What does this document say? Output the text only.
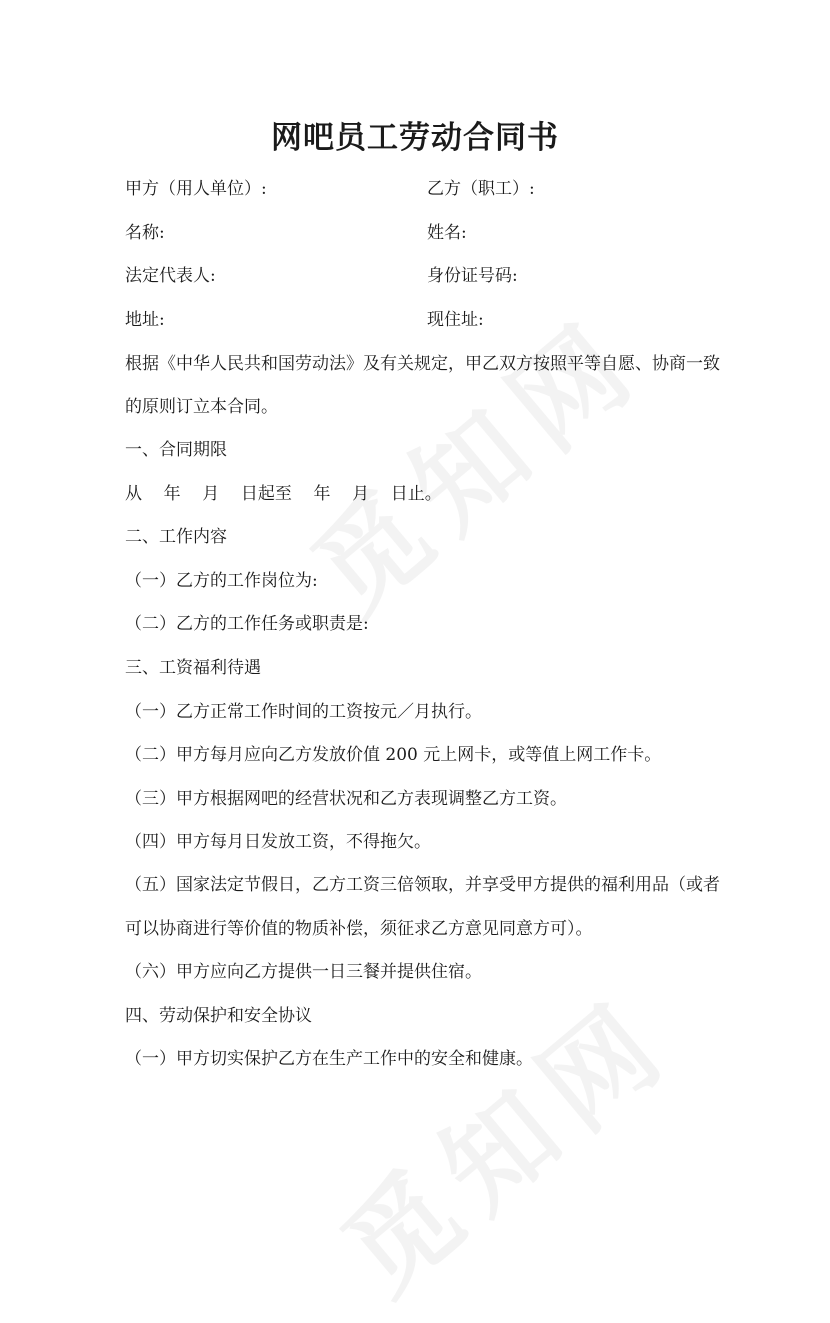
网吧员工劳动合同书
甲方（用人单位）:	乙方（职工）:
名称:	姓名:
法定代表人:	身份证号码:
地址:	现住址:
根据《中华人民共和国劳动法》及有关规定，甲乙双方按照平等自愿、协商一致
的原则订立本合同。
一、合同期限
从    年    月    日起至    年    月    日止。
二、工作内容
（一）乙方的工作岗位为:
（二）乙方的工作任务或职责是:
三、工资福利待遇
（一）乙方正常工作时间的工资按元／月执行。
（二）甲方每月应向乙方发放价值 200 元上网卡，或等值上网工作卡。
（三）甲方根据网吧的经营状况和乙方表现调整乙方工资。
（四）甲方每月日发放工资，不得拖欠。
（五）国家法定节假日，乙方工资三倍领取，并享受甲方提供的福利用品（或者
可以协商进行等价值的物质补偿，须征求乙方意见同意方可）。
（六）甲方应向乙方提供一日三餐并提供住宿。
四、劳动保护和安全协议
（一）甲方切实保护乙方在生产工作中的安全和健康。
